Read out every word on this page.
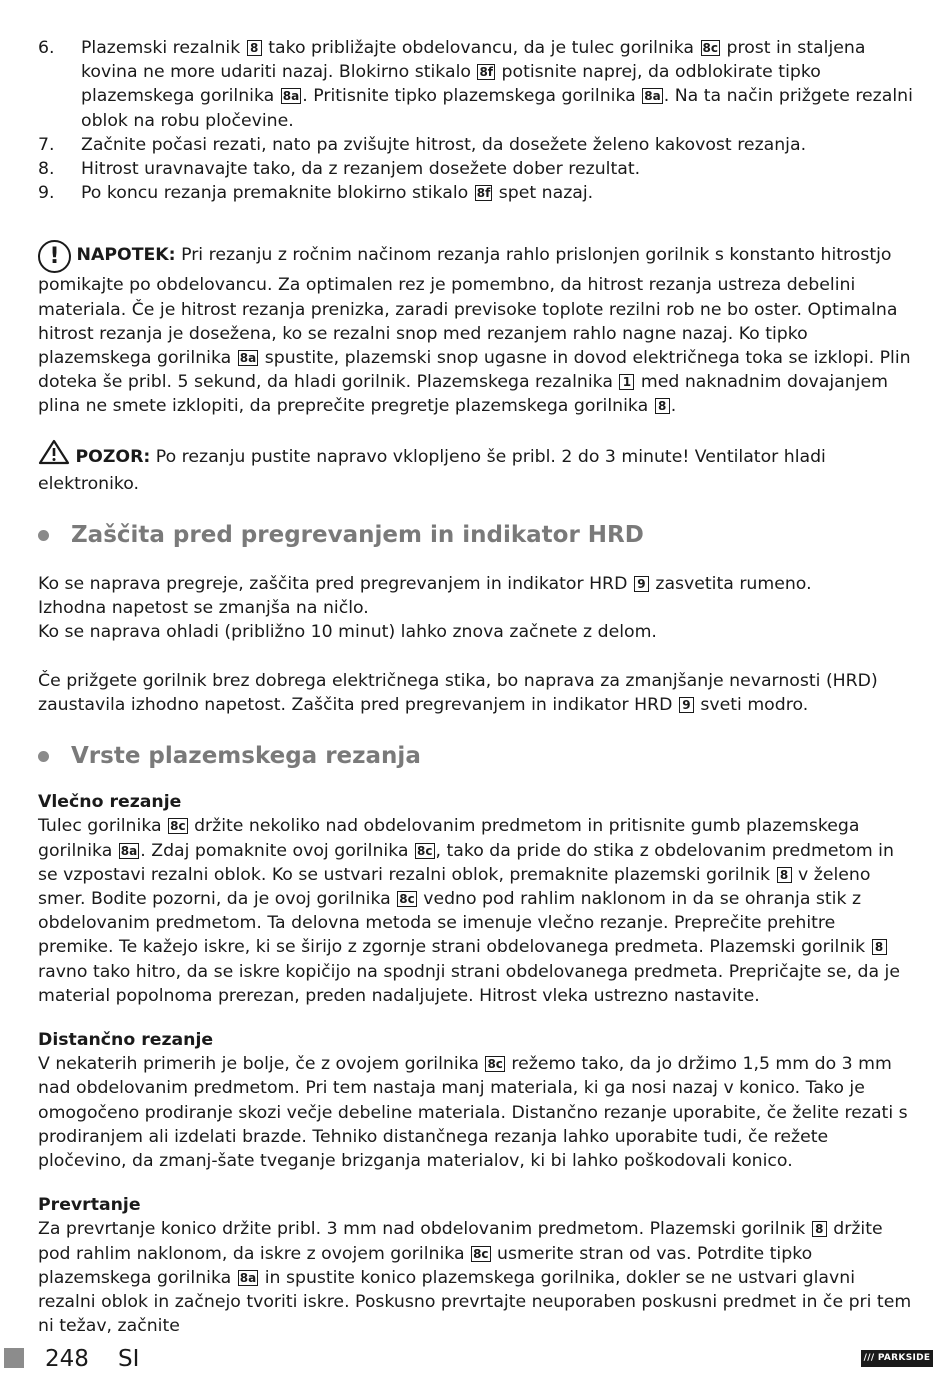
6.	Plazemski rezalnik 8 tako približajte obdelovancu, da je tulec gorilnika 8c prost in staljena kovina ne more udariti nazaj. Blokirno stikalo 8f potisnite naprej, da odblokirate tipko plazemskega gorilnika 8a . Pritisnite tipko plazemskega gorilnika 8a . Na ta način prižgete rezalni oblok na robu pločevine.
7.	Začnite počasi rezati, nato pa zvišujte hitrost, da dosežete želeno kakovost rezanja.
8.	Hitrost uravnavajte tako, da z rezanjem dosežete dober rezultat.
9.	Po koncu rezanja premaknite blokirno stikalo 8f spet nazaj.
! NAPOTEK: Pri rezanju z ročnim načinom rezanja rahlo prislonjen gorilnik s konstanto hitrostjo pomikajte po obdelovancu. Za optimalen rez je pomembno, da hitrost rezanja ustreza debelini materiala. Če je hitrost rezanja prenizka, zaradi previsoke toplote rezilni rob ne bo oster. Optimalna hitrost rezanja je dosežena, ko se rezalni snop med rezanjem rahlo nagne nazaj. Ko tipko plazemskega gorilnika 8a spustite, plazemski snop ugasne in dovod električnega toka se izklopi. Plin doteka še pribl. 5 sekund, da hladi gorilnik. Plazemskega rezalnika 1 med naknadnim dovajanjem plina ne smete izklopiti, da preprečite pregretje plazemskega gorilnika 8 .
POZOR: Po rezanju pustite napravo vklopljeno še pribl. 2 do 3 minute! Ventilator hladi elektroniko.
Zaščita pred pregrevanjem in indikator HRD

Ko se naprava pregreje, zaščita pred pregrevanjem in indikator HRD 9 zasvetita rumeno.
Izhodna napetost se zmanjša na ničlo.
Ko se naprava ohladi (približno 10 minut) lahko znova začnete z delom.

Če prižgete gorilnik brez dobrega električnega stika, bo naprava za zmanjšanje nevarnosti (HRD) zaustavila izhodno napetost. Zaščita pred pregrevanjem in indikator HRD 9 sveti modro.

Vrste plazemskega rezanja
Vlečno rezanje
Tulec gorilnika 8c držite nekoliko nad obdelovanim predmetom in pritisnite gumb plazemskega gorilnika 8a . Zdaj pomaknite ovoj gorilnika 8c , tako da pride do stika z obdelovanim predmetom in se vzpostavi rezalni oblok. Ko se ustvari rezalni oblok, premaknite plazemski gorilnik 8 v želeno smer. Bodite pozorni, da je ovoj gorilnika 8c vedno pod rahlim naklonom in da se ohranja stik z obdelovanim predmetom. Ta delovna metoda se imenuje vlečno rezanje. Preprečite prehitre premike. Te kažejo iskre, ki se širijo z zgornje strani obdelovanega predmeta. Plazemski gorilnik 8 ravno tako hitro, da se iskre kopičijo na spodnji strani obdelovanega predmeta. Prepričajte se, da je material popolnoma prerezan, preden nadaljujete. Hitrost vleka ustrezno nastavite.
Distančno rezanje
V nekaterih primerih je bolje, če z ovojem gorilnika 8c režemo tako, da jo držimo 1,5 mm do 3 mm nad obdelovanim predmetom. Pri tem nastaja manj materiala, ki ga nosi nazaj v konico. Tako je omogočeno prodiranje skozi večje debeline materiala. Distančno rezanje uporabite, če želite rezati s prodiranjem ali izdelati brazde. Tehniko distančnega rezanja lahko uporabite tudi, če režete pločevino, da zmanj-šate tveganje brizganja materialov, ki bi lahko poškodovali konico.
Prevrtanje
Za prevrtanje konico držite pribl. 3 mm nad obdelovanim predmetom. Plazemski gorilnik 8 držite pod rahlim naklonom, da iskre z ovojem gorilnika 8c usmerite stran od vas. Potrdite tipko plazemskega gorilnika 8a in spustite konico plazemskega gorilnika, dokler se ne ustvari glavni rezalni oblok in začnejo tvoriti iskre. Poskusno prevrtajte neuporaben poskusni predmet in če pri tem ni težav, začnite
248 SI	/// PARKSIDE
